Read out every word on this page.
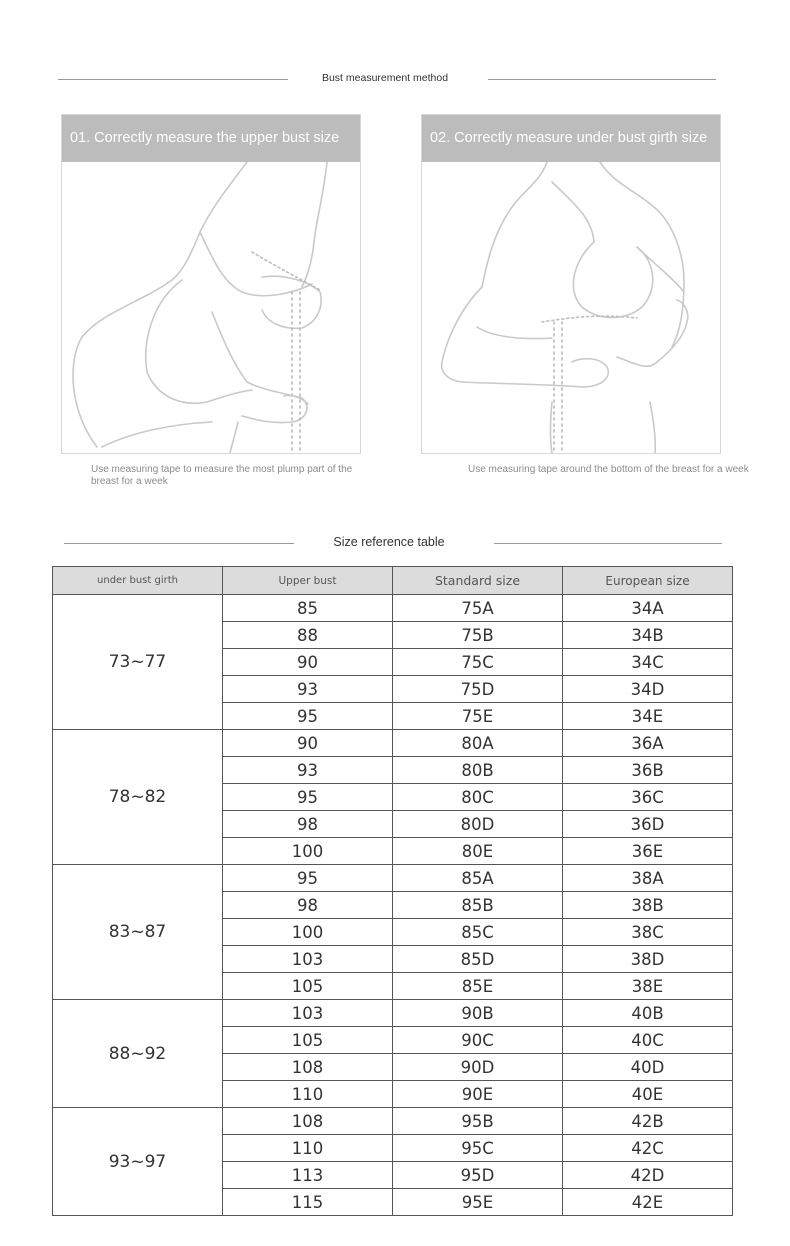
Bust measurement method
01. Correctly measure the upper bust size
Use measuring tape to measure the most plump part of the breast for a week
02. Correctly measure under bust girth size
Use measuring tape around the bottom of the breast for a week
Size reference table
under bust girth	Upper bust	Standard size	European size
73~77	85	75A	34A
	88	75B	34B
	90	75C	34C
	93	75D	34D
	95	75E	34E
78~82	90	80A	36A
	93	80B	36B
	95	80C	36C
	98	80D	36D
	100	80E	36E
83~87	95	85A	38A
	98	85B	38B
	100	85C	38C
	103	85D	38D
	105	85E	38E
88~92	103	90B	40B
	105	90C	40C
	108	90D	40D
	110	90E	40E
93~97	108	95B	42B
	110	95C	42C
	113	95D	42D
	115	95E	42E
